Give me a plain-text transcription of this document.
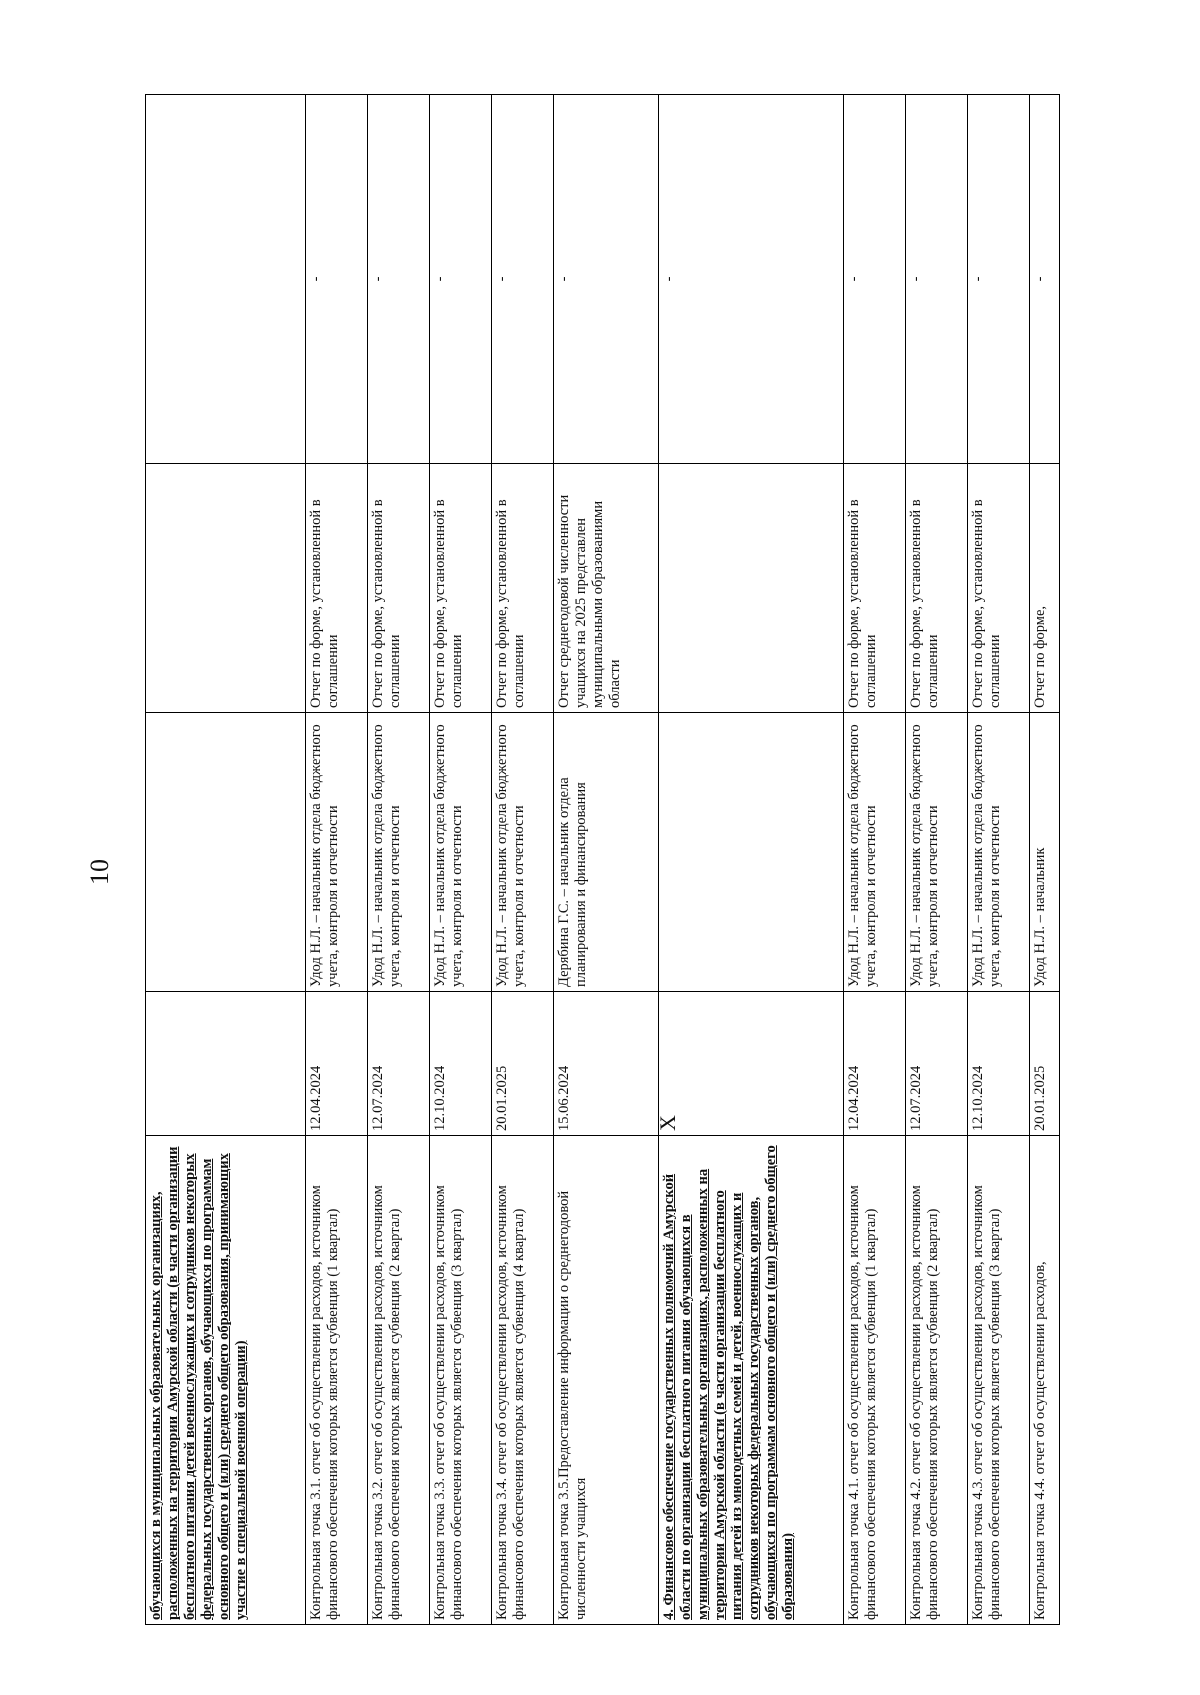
10
обучающихся в муниципальных образовательных организациях, расположенных на территории Амурской области (в части организации бесплатного питания детей военнослужащих и сотрудников некоторых федеральных государственных органов, обучающихся по программам основного общего и (или) среднего общего образования, принимающих участие в специальной военной операции)				
Контрольная точка 3.1. отчет об осуществлении расходов, источником финансового обеспечения которых является субвенция (1 квартал)	12.04.2024	Удод Н.Л. – начальник отдела бюджетного учета, контроля и отчетности	Отчет по форме, установленной в соглашении	-
Контрольная точка 3.2. отчет об осуществлении расходов, источником финансового обеспечения которых является субвенция (2 квартал)	12.07.2024	Удод Н.Л. – начальник отдела бюджетного учета, контроля и отчетности	Отчет по форме, установленной в соглашении	-
Контрольная точка 3.3. отчет об осуществлении расходов, источником финансового обеспечения которых является субвенция (3 квартал)	12.10.2024	Удод Н.Л. – начальник отдела бюджетного учета, контроля и отчетности	Отчет по форме, установленной в соглашении	-
Контрольная точка 3.4. отчет об осуществлении расходов, источником финансового обеспечения которых является субвенция (4 квартал)	20.01.2025	Удод Н.Л. – начальник отдела бюджетного учета, контроля и отчетности	Отчет по форме, установленной в соглашении	-
Контрольная точка 3.5.Предоставление информации о среднегодовой численности учащихся	15.06.2024	Дерябина Г.С. – начальник отдела планирования и финансирования	Отчет среднегодовой численности учащихся на 2025 представлен муниципальными образованиями области	-
4. Финансовое обеспечение государственных полномочий Амурской области по организации бесплатного питания обучающихся в муниципальных образовательных организациях, расположенных на территории Амурской области (в части организации бесплатного питания детей из многодетных семей и детей, военнослужащих и сотрудников некоторых федеральных государственных органов, обучающихся по программам основного общего и (или) среднего общего образования)	X			-
Контрольная точка 4.1. отчет об осуществлении расходов, источником финансового обеспечения которых является субвенция (1 квартал)	12.04.2024	Удод Н.Л. – начальник отдела бюджетного учета, контроля и отчетности	Отчет по форме, установленной в соглашении	-
Контрольная точка 4.2. отчет об осуществлении расходов, источником финансового обеспечения которых является субвенция (2 квартал)	12.07.2024	Удод Н.Л. – начальник отдела бюджетного учета, контроля и отчетности	Отчет по форме, установленной в соглашении	-
Контрольная точка 4.3. отчет об осуществлении расходов, источником финансового обеспечения которых является субвенция (3 квартал)	12.10.2024	Удод Н.Л. – начальник отдела бюджетного учета, контроля и отчетности	Отчет по форме, установленной в соглашении	-
Контрольная точка 4.4. отчет об осуществлении расходов,	20.01.2025	Удод Н.Л. – начальник	Отчет по форме,	-
